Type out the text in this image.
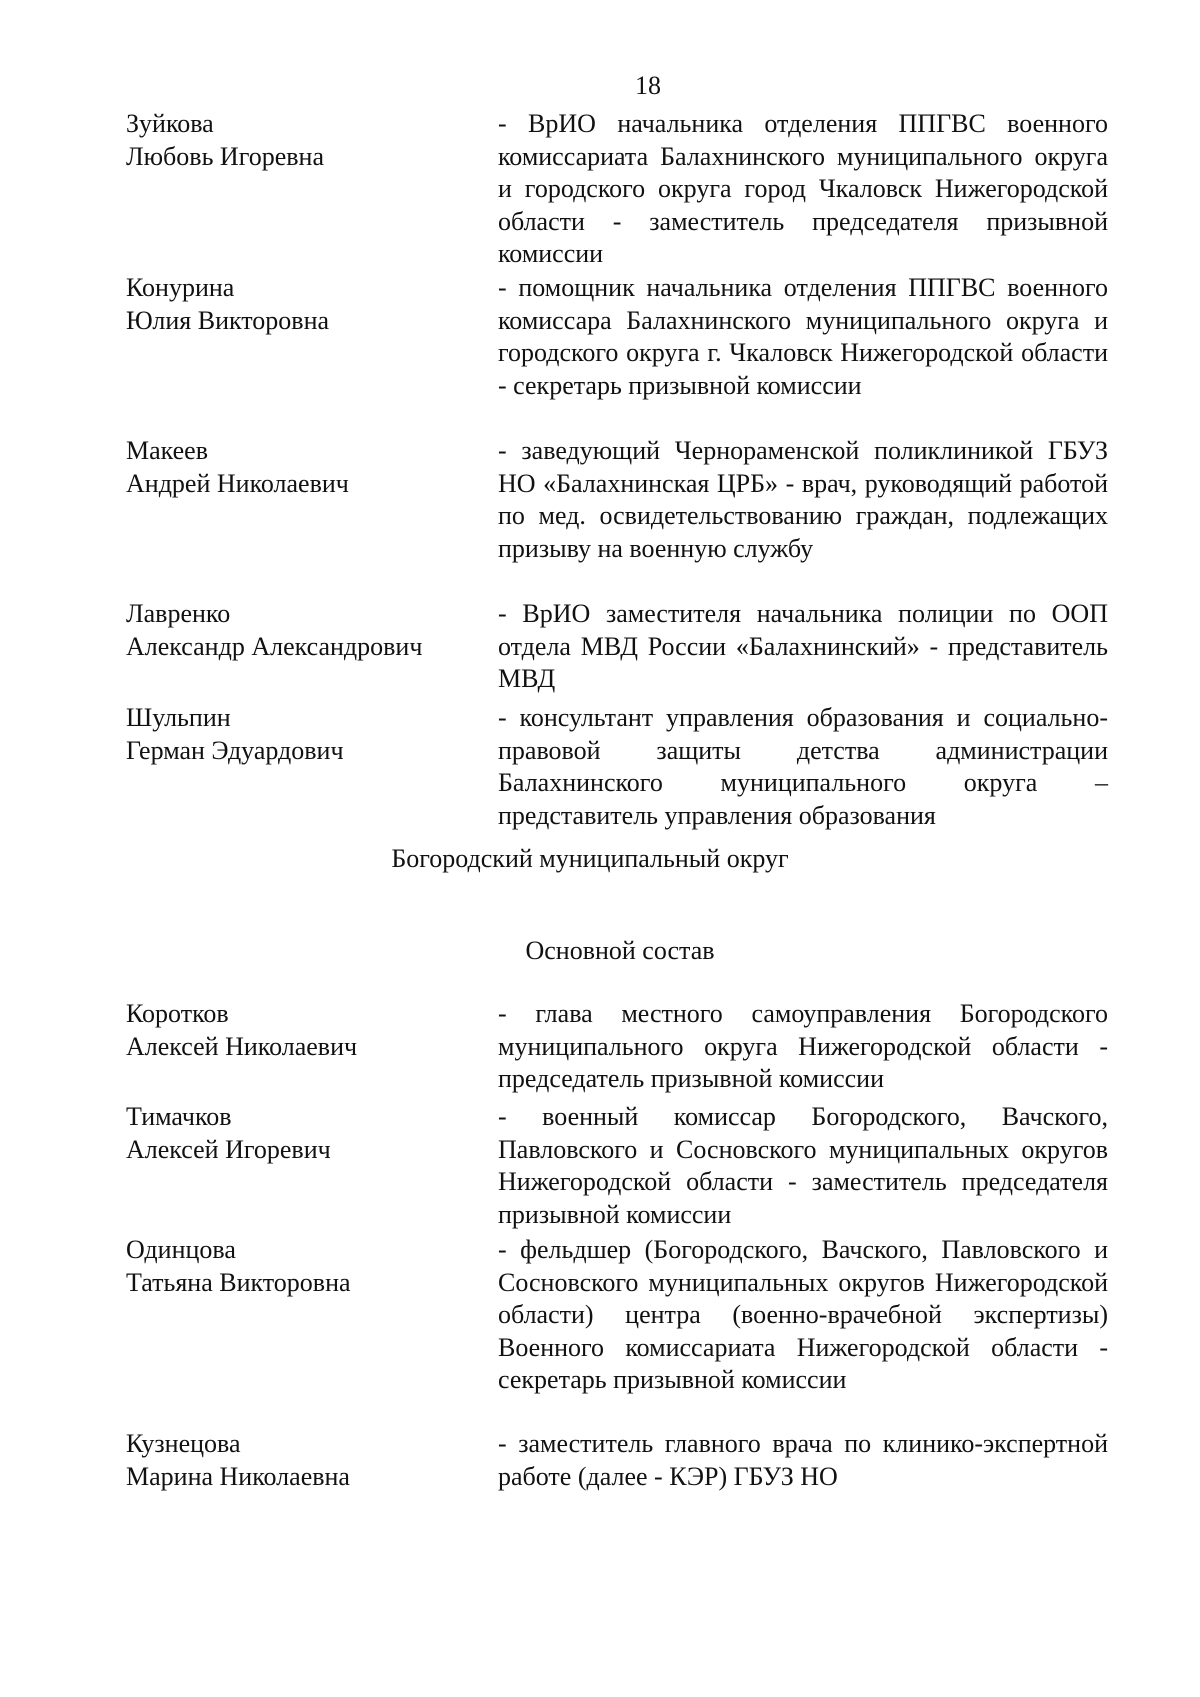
18
Зуйкова
Любовь Игоревна
- ВрИО начальника отделения ППГВС военного комиссариата Балахнинского муниципального округа и городского округа город Чкаловск Нижегородской области - заместитель председателя призывной комиссии
Конурина
Юлия Викторовна
- помощник начальника отделения ППГВС военного комиссара Балахнинского муниципального округа и городского округа г. Чкаловск Нижегородской области - секретарь призывной комиссии
Макеев
Андрей Николаевич
- заведующий Чернораменской поликлиникой ГБУЗ НО «Балахнинская ЦРБ» - врач, руководящий работой по мед. освидетельствованию граждан, подлежащих призыву на военную службу
Лавренко
Александр Александрович
- ВрИО заместителя начальника полиции по ООП отдела МВД России «Балахнинский» - представитель МВД
Шульпин
Герман Эдуардович
- консультант управления образования и социально-правовой защиты детства администрации Балахнинского муниципального округа – представитель управления образования
Богородский муниципальный округ
Основной состав
Коротков
Алексей Николаевич
- глава местного самоуправления Богородского муниципального округа Нижегородской области - председатель призывной комиссии
Тимачков
Алексей Игоревич
- военный комиссар Богородского, Вачского, Павловского и Сосновского муниципальных округов Нижегородской области - заместитель председателя призывной комиссии
Одинцова
Татьяна Викторовна
- фельдшер (Богородского, Вачского, Павловского и Сосновского муниципальных округов Нижегородской области) центра (военно-врачебной экспертизы) Военного комиссариата Нижегородской области - секретарь призывной комиссии
Кузнецова
Марина Николаевна
- заместитель главного врача по клинико-экспертной работе (далее - КЭР) ГБУЗ НО
